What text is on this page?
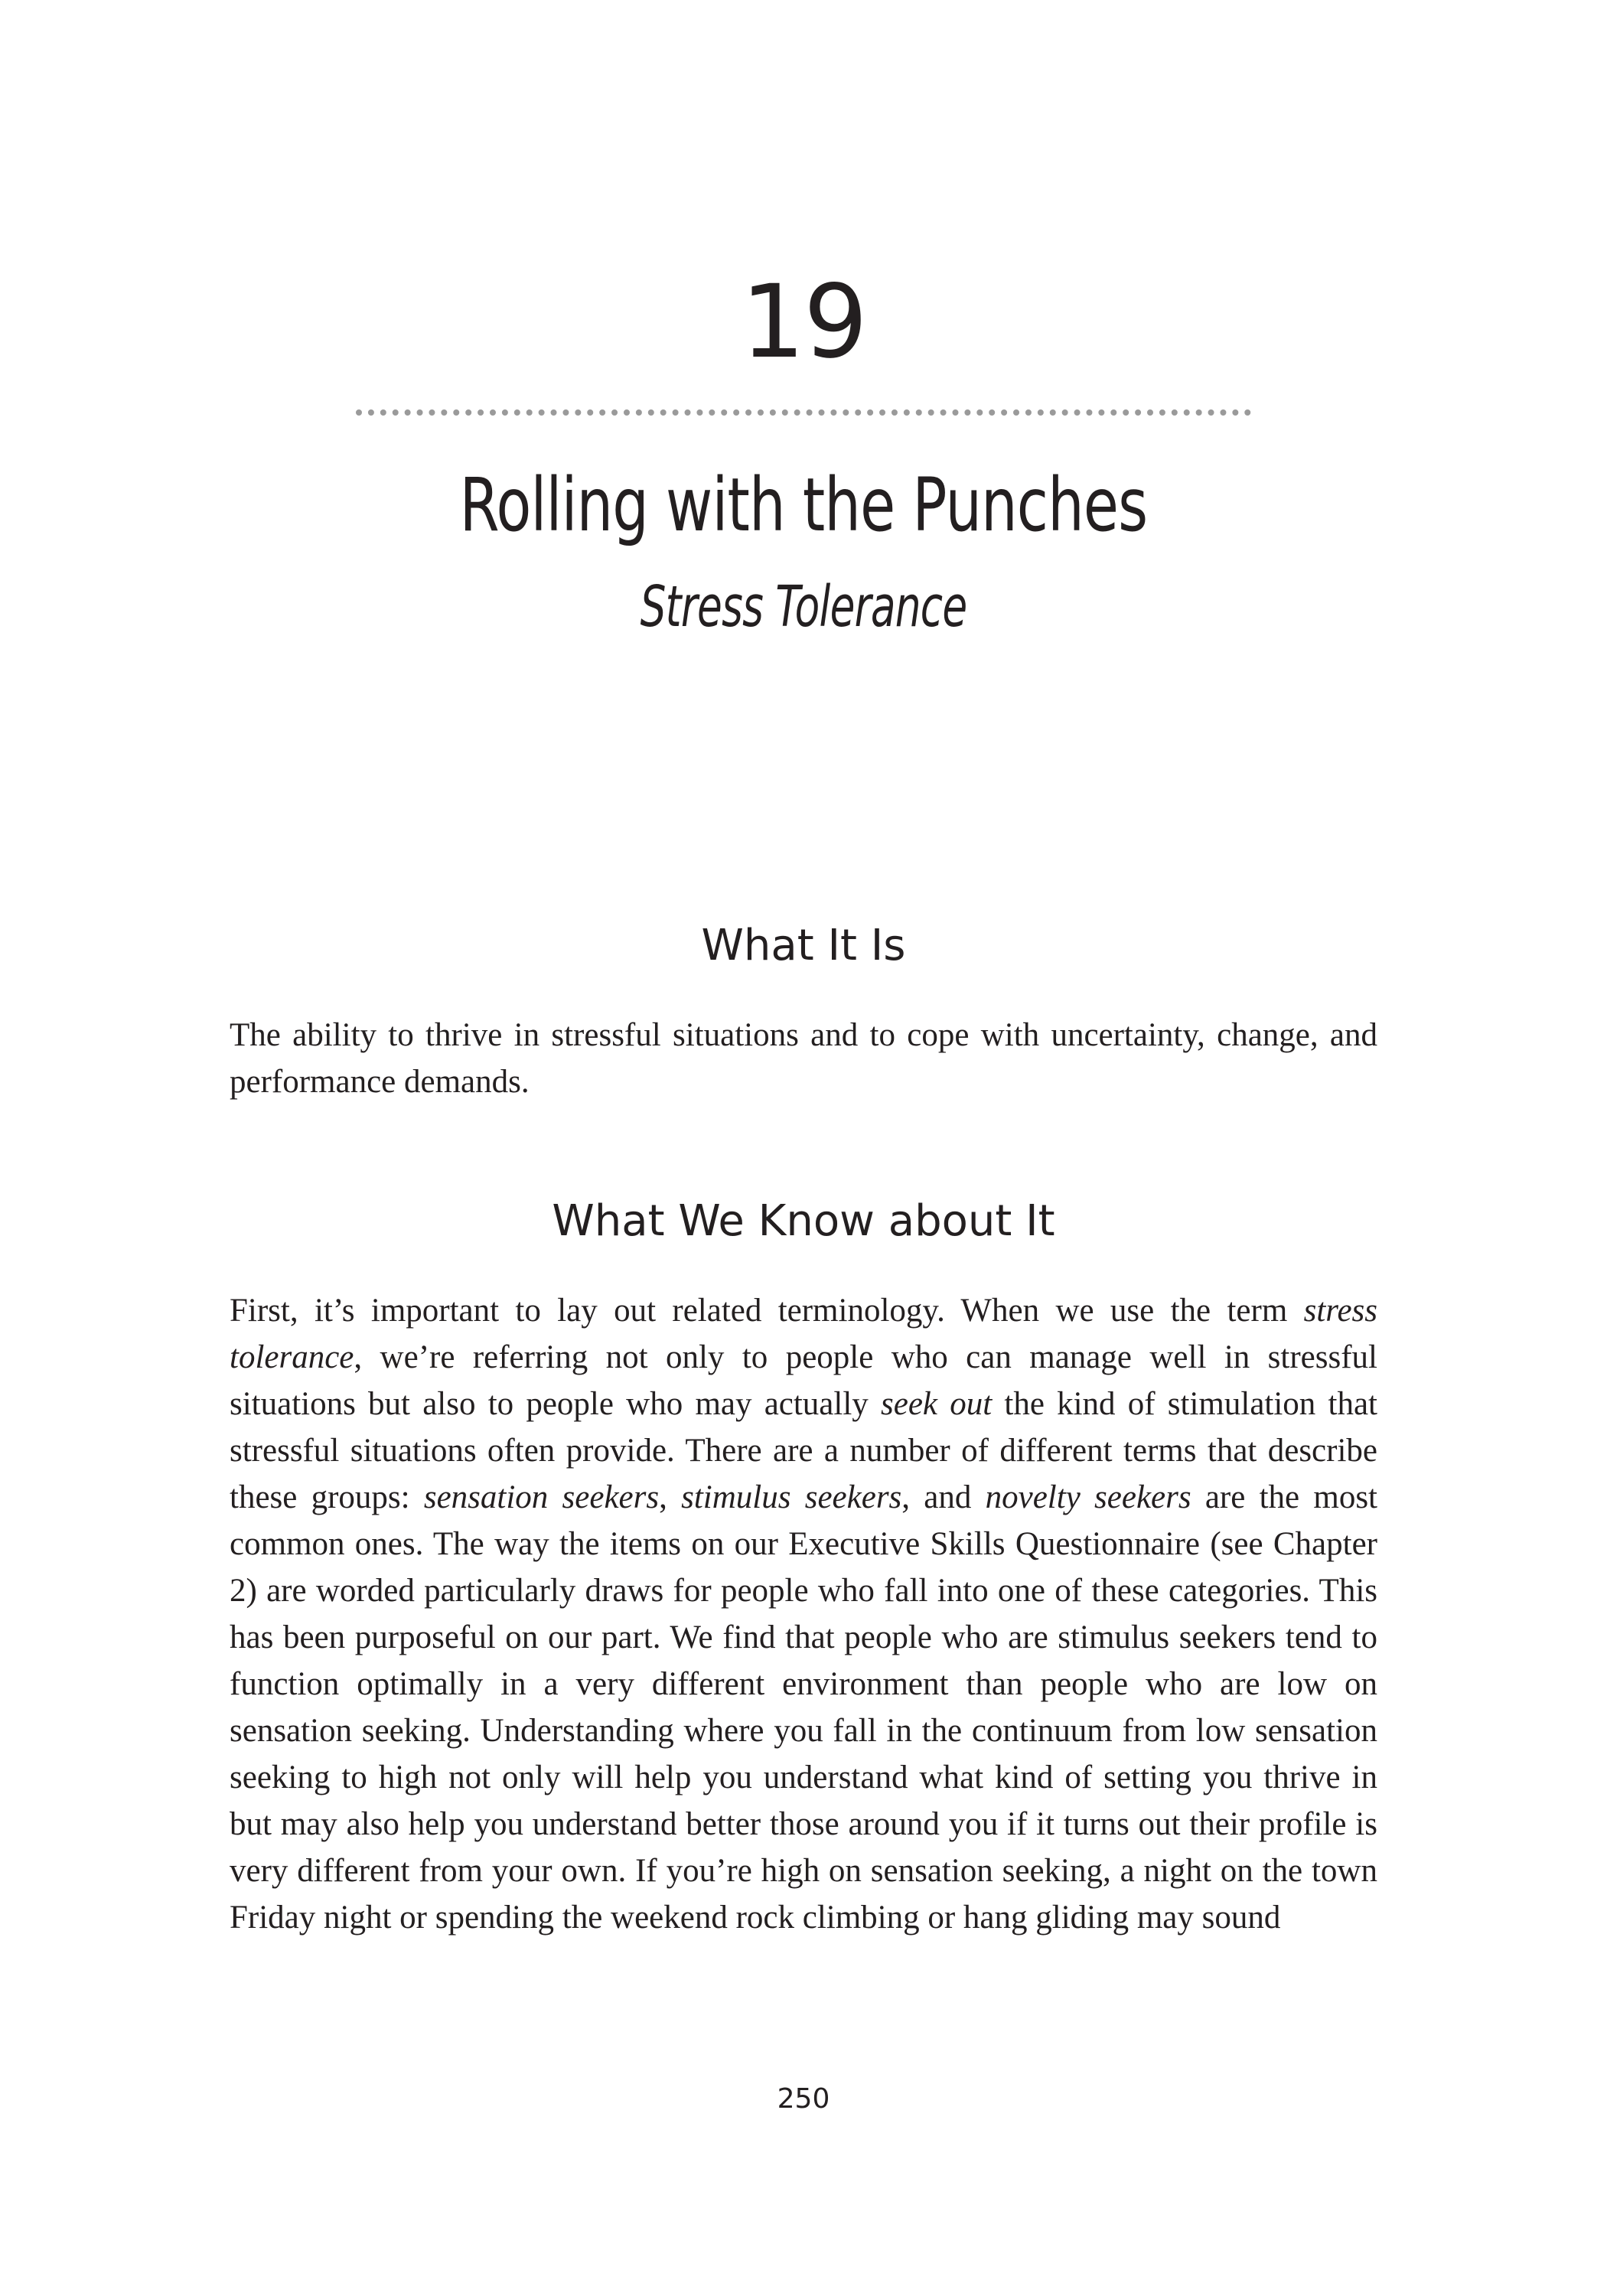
19
Rolling with the Punches
Stress Tolerance
What It Is

The ability to thrive in stressful situations and to cope with uncertainty, change, and performance demands.

What We Know about It

First, it’s important to lay out related terminology. When we use the term stress tolerance, we’re referring not only to people who can manage well in stressful situations but also to people who may actually seek out the kind of stimulation that stressful situations often provide. There are a number of different terms that describe these groups: sensation seekers, stimulus seekers, and novelty seekers are the most common ones. The way the items on our Executive Skills Questionnaire (see Chapter 2) are worded particularly draws for people who fall into one of these categories. This has been purposeful on our part. We find that people who are stimulus seekers tend to function optimally in a very different environment than people who are low on sensation seeking. Understanding where you fall in the continuum from low sensation seeking to high not only will help you understand what kind of setting you thrive in but may also help you understand better those around you if it turns out their profile is very different from your own. If you’re high on sensation seeking, a night on the town Friday night or spending the weekend rock climbing or hang gliding may sound

250
